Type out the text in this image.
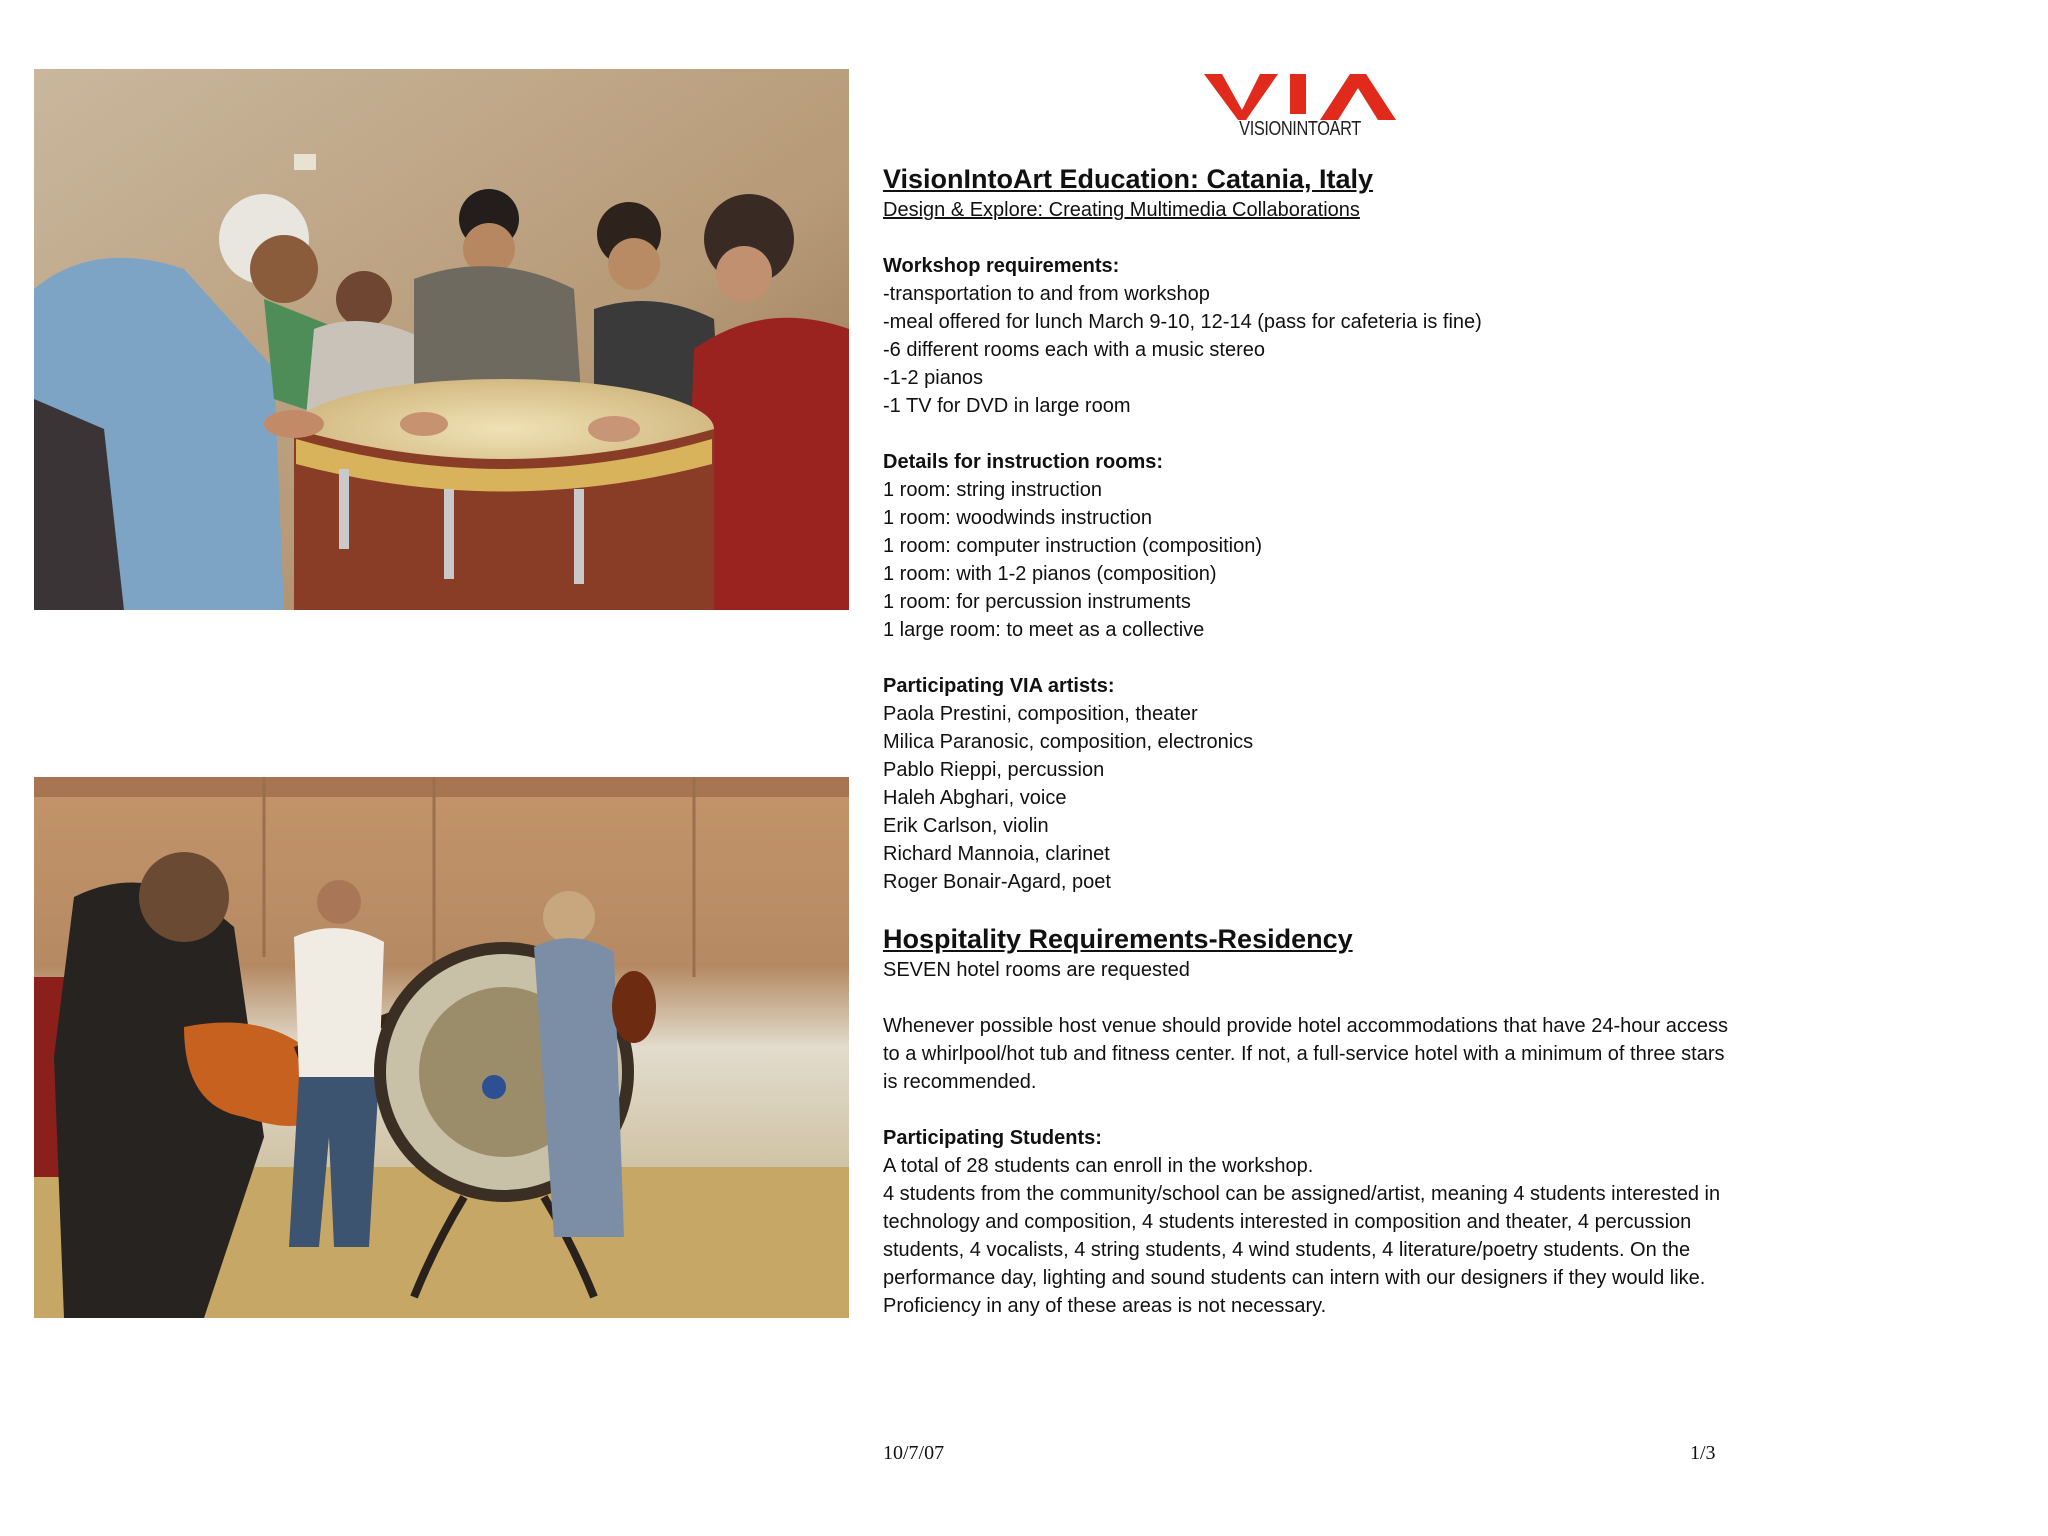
VISIONINTOART
VisionIntoArt Education: Catania, Italy
Design & Explore: Creating Multimedia Collaborations
Workshop requirements:
-transportation to and from workshop
-meal offered for lunch March 9-10, 12-14 (pass for cafeteria is fine)
-6 different rooms each with a music stereo
-1-2 pianos
-1 TV for DVD in large room
Details for instruction rooms:
1 room: string instruction
1 room: woodwinds instruction
1 room: computer instruction (composition)
1 room: with 1-2 pianos (composition)
1 room: for percussion instruments
1 large room: to meet as a collective
Participating VIA artists:
Paola Prestini, composition, theater
Milica Paranosic, composition, electronics
Pablo Rieppi, percussion
Haleh Abghari, voice
Erik Carlson, violin
Richard Mannoia, clarinet
Roger Bonair-Agard, poet
Hospitality Requirements-Residency
SEVEN hotel rooms are requested
Whenever possible host venue should provide hotel accommodations that have 24-hour access to a whirlpool/hot tub and fitness center. If not, a full-service hotel with a minimum of three stars is recommended.
Participating Students:
A total of 28 students can enroll in the workshop.
4 students from the community/school can be assigned/artist, meaning 4 students interested in technology and composition, 4 students interested in composition and theater, 4 percussion students, 4 vocalists, 4 string students, 4 wind students, 4 literature/poetry students. On the performance day, lighting and sound students can intern with our designers if they would like. Proficiency in any of these areas is not necessary.
10/7/07	1/3
